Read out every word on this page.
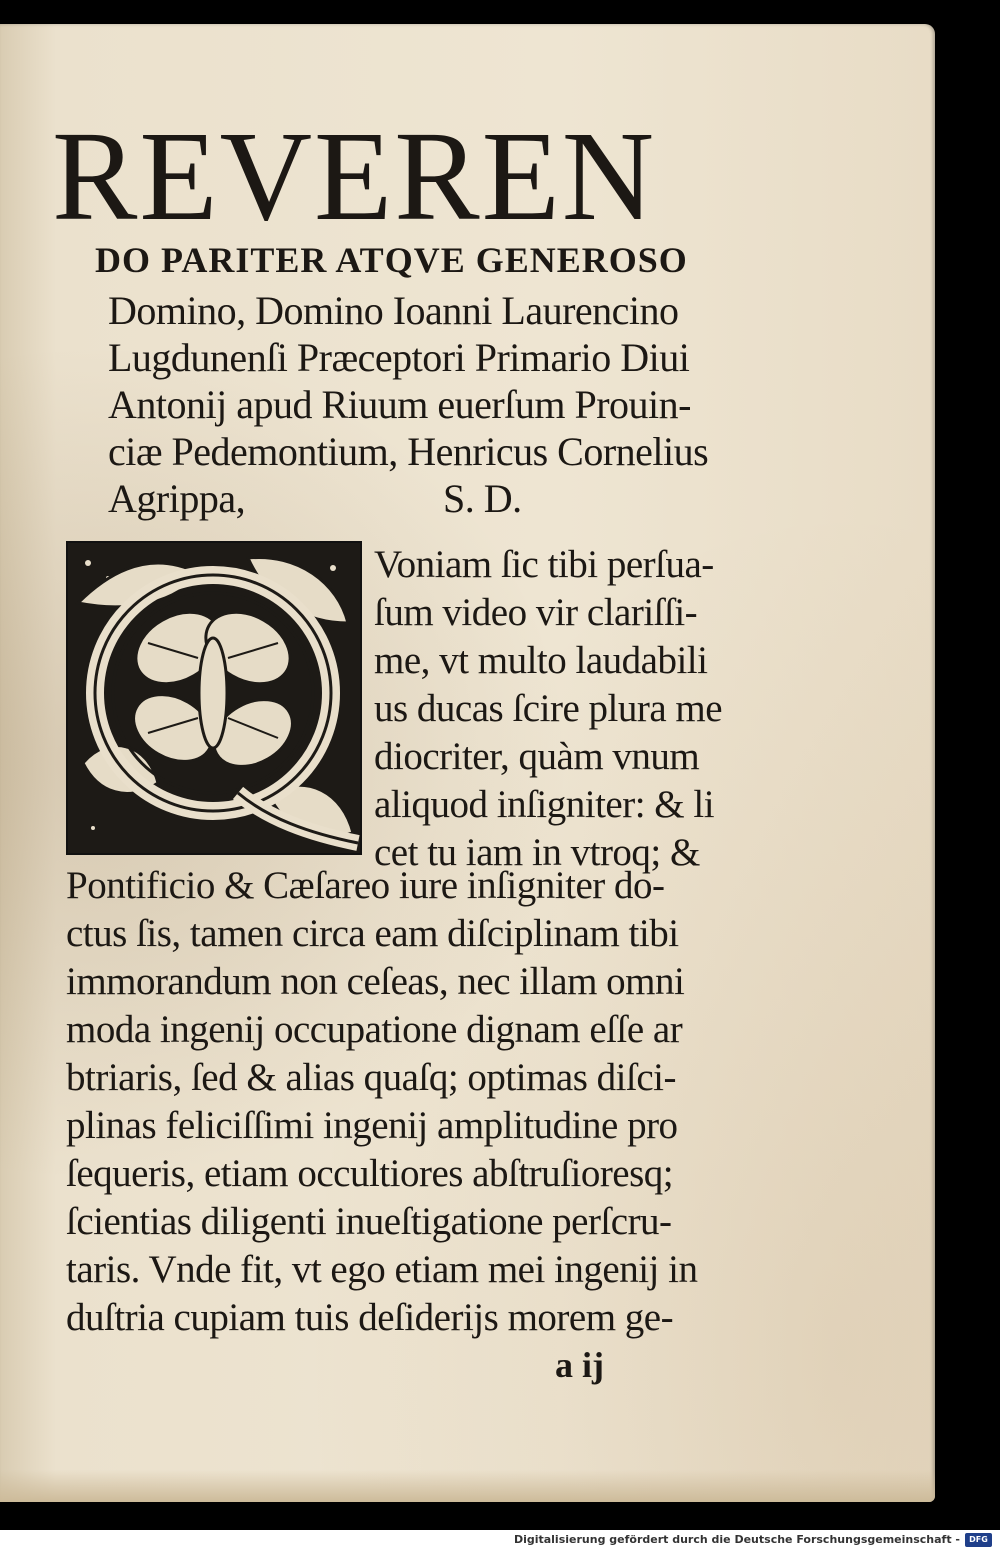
REVEREN
DO PARITER ATQVE GENEROSO
Domino, Domino Ioanni Laurencino
Lugdunenſi Præceptori Primario Diui
Antonij apud Riuum euerſum Prouin-
ciæ Pedemontium, Henricus Cornelius
Agrippa,	S. D.
Voniam ſic tibi perſua-
ſum video vir clariſſi-
me, vt multo laudabili
us ducas ſcire plura me
diocriter, quàm vnum
aliquod inſigniter: & li
cet tu iam in vtroq; &
Pontificio & Cæſareo iure inſigniter do-
ctus ſis, tamen circa eam diſciplinam tibi
immorandum non ceſeas, nec illam omni
moda ingenij occupatione dignam eſſe ar
btriaris, ſed & alias quaſq; optimas diſci-
plinas feliciſſimi ingenij amplitudine pro
ſequeris, etiam occultiores abſtruſioresq;
ſcientias diligenti inueſtigatione perſcru-
taris. Vnde fit, vt ego etiam mei ingenij in
duſtria cupiam tuis deſiderijs morem ge-
a ij
Digitalisierung gefördert durch die Deutsche Forschungsgemeinschaft -	DFG
